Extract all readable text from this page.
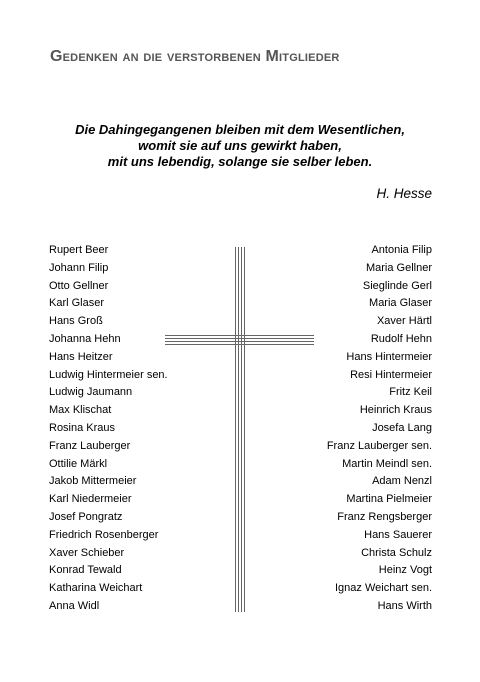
Gedenken an die verstorbenen Mitglieder
Die Dahingegangenen bleiben mit dem Wesentlichen,
womit sie auf uns gewirkt haben,
mit uns lebendig, solange sie selber leben.
H. Hesse
Rupert Beer
Johann Filip
Otto Gellner
Karl Glaser
Hans Groß
Johanna Hehn
Hans Heitzer
Ludwig Hintermeier sen.
Ludwig Jaumann
Max Klischat
Rosina Kraus
Franz Lauberger
Ottilie Märkl
Jakob Mittermeier
Karl Niedermeier
Josef Pongratz
Friedrich Rosenberger
Xaver Schieber
Konrad Tewald
Katharina Weichart
Anna Widl
Antonia Filip
Maria Gellner
Sieglinde Gerl
Maria Glaser
Xaver Härtl
Rudolf Hehn
Hans Hintermeier
Resi Hintermeier
Fritz Keil
Heinrich Kraus
Josefa Lang
Franz Lauberger sen.
Martin Meindl sen.
Adam Nenzl
Martina Pielmeier
Franz Rengsberger
Hans Sauerer
Christa Schulz
Heinz Vogt
Ignaz Weichart sen.
Hans Wirth
